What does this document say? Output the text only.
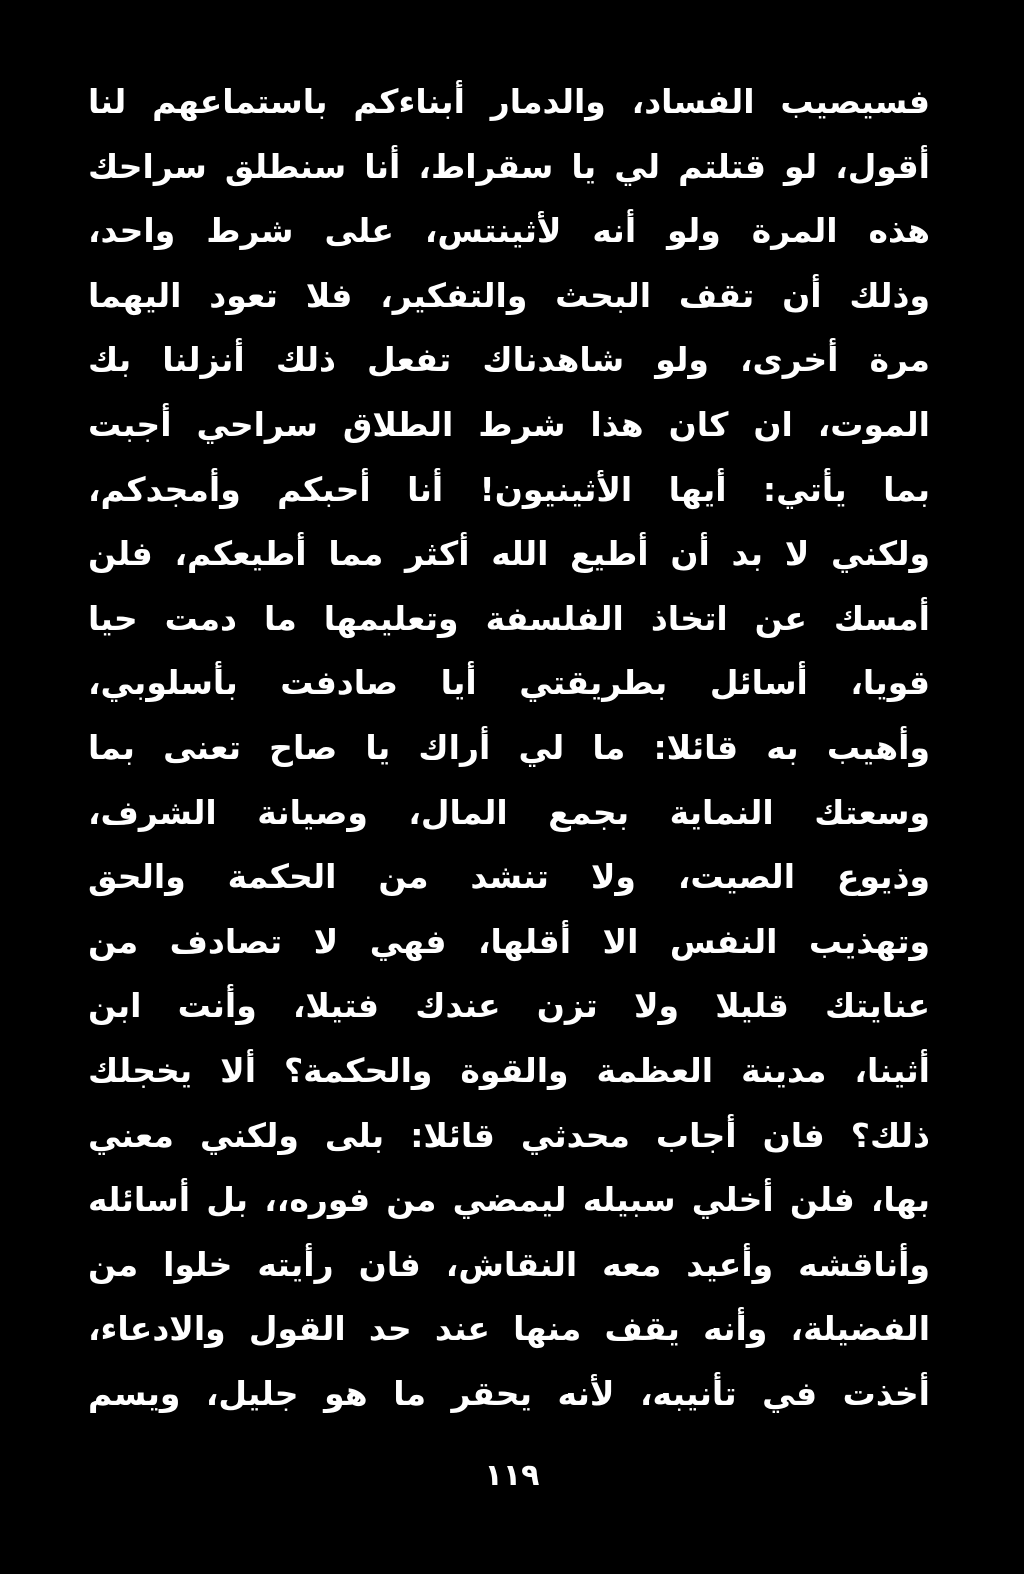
فسيصيب الفساد، والدمار أبناءكم باستماعهم لنا
أقول، لو قتلتم لي يا سقراط، أنا سنطلق سراحك
هذه المرة ولو أنه لأثينتس، على شرط واحد،
وذلك أن تقف البحث والتفكير، فلا تعود اليهما
مرة أخرى، ولو شاهدناك تفعل ذلك أنزلنا بك
الموت، ان كان هذا شرط الطلاق سراحي أجبت
بما يأتي: أيها الأثينيون! أنا أحبكم وأمجدكم،
ولكني لا بد أن أطيع الله أكثر مما أطيعكم، فلن
أمسك عن اتخاذ الفلسفة وتعليمها ما دمت حيا
قويا، أسائل بطريقتي أيا صادفت بأسلوبي،
وأهيب به قائلا: ما لي أراك يا صاح تعنى بما
وسعتك النماية بجمع المال، وصيانة الشرف،
وذيوع الصيت، ولا تنشد من الحكمة والحق
وتهذيب النفس الا أقلها، فهي لا تصادف من
عنايتك قليلا ولا تزن عندك فتيلا، وأنت ابن
أثينا، مدينة العظمة والقوة والحكمة؟ ألا يخجلك
ذلك؟ فان أجاب محدثي قائلا: بلى ولكني معني
بها، فلن أخلي سبيله ليمضي من فوره،، بل أسائله
وأناقشه وأعيد معه النقاش، فان رأيته خلوا من
الفضيلة، وأنه يقف منها عند حد القول والادعاء،
أخذت في تأنيبه، لأنه يحقر ما هو جليل، ويسم
١١٩
